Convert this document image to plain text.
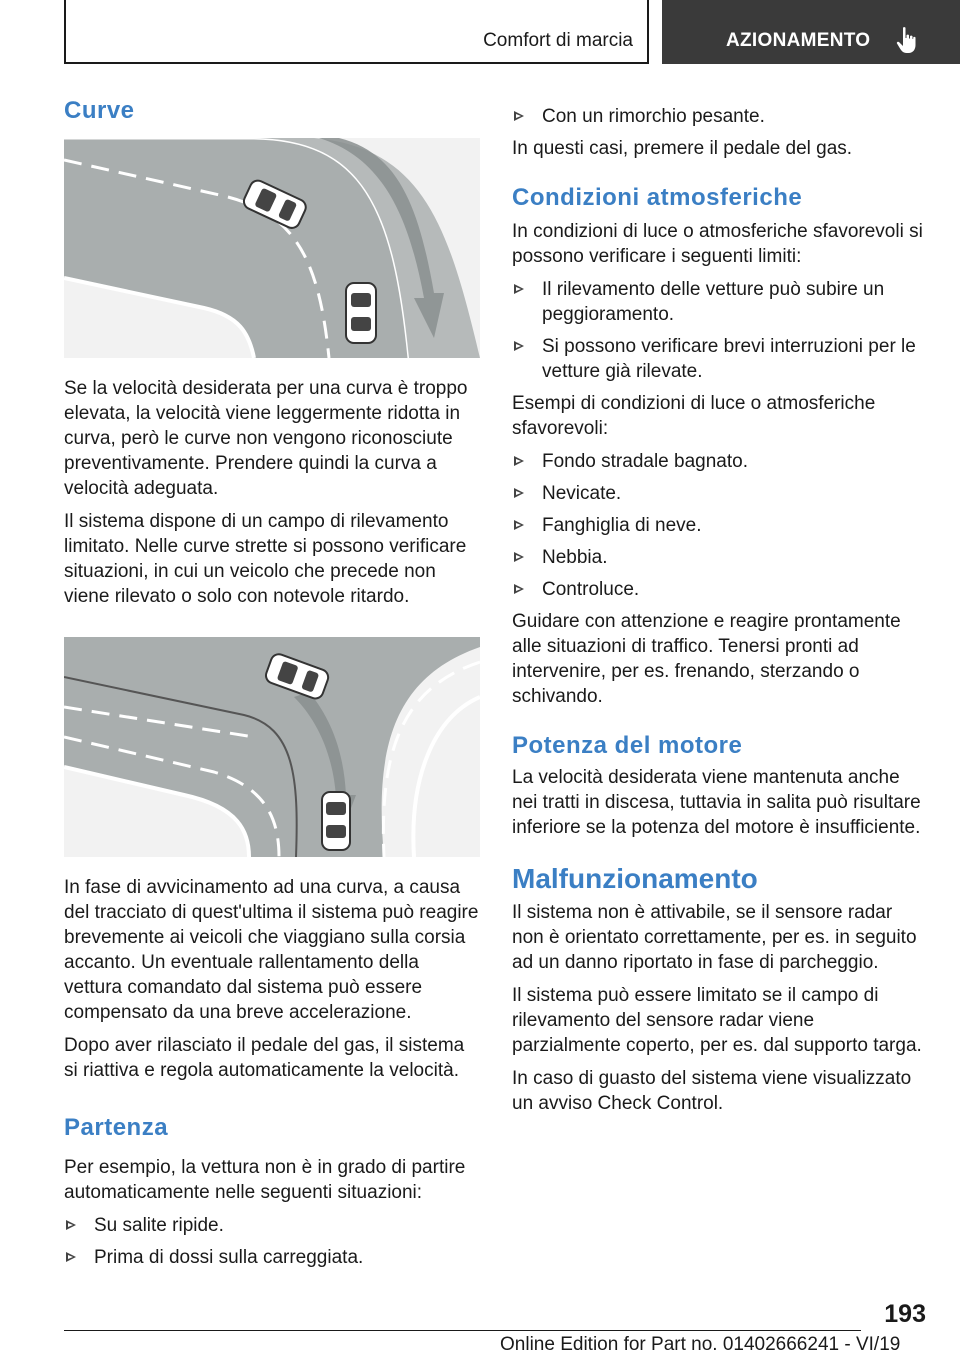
Comfort di marcia	AZIONAMENTO
Curve

Se la velocità desiderata per una curva è troppo elevata, la velocità viene leggermente ridotta in curva, però le curve non vengono riconosciute preventivamente. Prendere quindi la curva a velocità adeguata.

Il sistema dispone di un campo di rilevamento limitato. Nelle curve strette si possono verificare situazioni, in cui un veicolo che precede non viene rilevato o solo con notevole ritardo.

In fase di avvicinamento ad una curva, a causa del tracciato di quest'ultima il sistema può reagire brevemente ai veicoli che viaggiano sulla corsia accanto. Un eventuale rallentamento della vettura comandato dal sistema può essere compensato da una breve accelerazione.

Dopo aver rilasciato il pedale del gas, il sistema si riattiva e regola automaticamente la velocità.

Partenza

Per esempio, la vettura non è in grado di partire automaticamente nelle seguenti situazioni:

Su salite ripide.
Prima di dossi sulla carreggiata.
Con un rimorchio pesante.

In questi casi, premere il pedale del gas.

Condizioni atmosferiche

In condizioni di luce o atmosferiche sfavorevoli si possono verificare i seguenti limiti:

Il rilevamento delle vetture può subire un peggioramento.
Si possono verificare brevi interruzioni per le vetture già rilevate.

Esempi di condizioni di luce o atmosferiche sfavorevoli:

Fondo stradale bagnato.
Nevicate.
Fanghiglia di neve.
Nebbia.
Controluce.

Guidare con attenzione e reagire prontamente alle situazioni di traffico. Tenersi pronti ad intervenire, per es. frenando, sterzando o schivando.

Potenza del motore

La velocità desiderata viene mantenuta anche nei tratti in discesa, tuttavia in salita può risultare inferiore se la potenza del motore è insufficiente.

Malfunzionamento

Il sistema non è attivabile, se il sensore radar non è orientato correttamente, per es. in seguito ad un danno riportato in fase di parcheggio.

Il sistema può essere limitato se il campo di rilevamento del sensore radar viene parzialmente coperto, per es. dal supporto targa.

In caso di guasto del sistema viene visualizzato un avviso Check Control.

193
Online Edition for Part no. 01402666241 - VI/19
